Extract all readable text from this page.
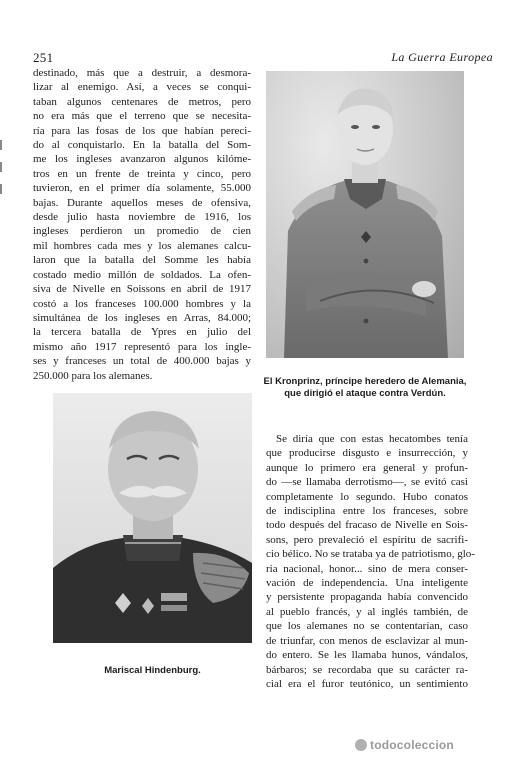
251	La Guerra Europea
destinado, más que a destruir, a desmora-
lizar al enemigo. Así, a veces se conqui-
taban algunos centenares de metros, pero
no era más que el terreno que se necesita-
ría para las fosas de los que habían pereci-
do al conquistarlo. En la batalla del Som-
me los ingleses avanzaron algunos kilóme-
tros en un frente de treinta y cinco, pero
tuvieron, en el primer día solamente, 55.000
bajas. Durante aquellos meses de ofensiva,
desde julio hasta noviembre de 1916, los
ingleses perdieron un promedio de cien
mil hombres cada mes y los alemanes calcu-
laron que la batalla del Somme les había
costado medio millón de soldados. La ofen-
siva de Nivelle en Soissons en abril de 1917
costó a los franceses 100.000 hombres y la
simultánea de los ingleses en Arras, 84.000;
la tercera batalla de Ypres en julio del
mismo año 1917 representó para los ingle-
ses y franceses un total de 400.000 bajas y
250.000 para los alemanes.	El Kronprinz, príncipe heredero de Alemania,
que dirigió el ataque contra Verdún.
Mariscal Hindenburg.
Se diría que con estas hecatombes tenía
que producirse disgusto e insurrección, y
aunque lo primero era general y profun-
do —se llamaba derrotismo—, se evitó casi
completamente lo segundo. Hubo conatos
de indisciplina entre los franceses, sobre
todo después del fracaso de Nivelle en Sois-
sons, pero prevaleció el espíritu de sacrifi-
cio bélico. No se trataba ya de patriotismo, glo-
ria nacional, honor... sino de mera conser-
vación de independencia. Una inteligente
y persistente propaganda había convencido
al pueblo francés, y al inglés también, de
que los alemanes no se contentarían, caso
de triunfar, con menos de esclavizar al mun-
do entero. Se les llamaba hunos, vándalos,
bárbaros; se recordaba que su carácter ra-
cial era el furor teutónico, un sentimiento
todocoleccion
